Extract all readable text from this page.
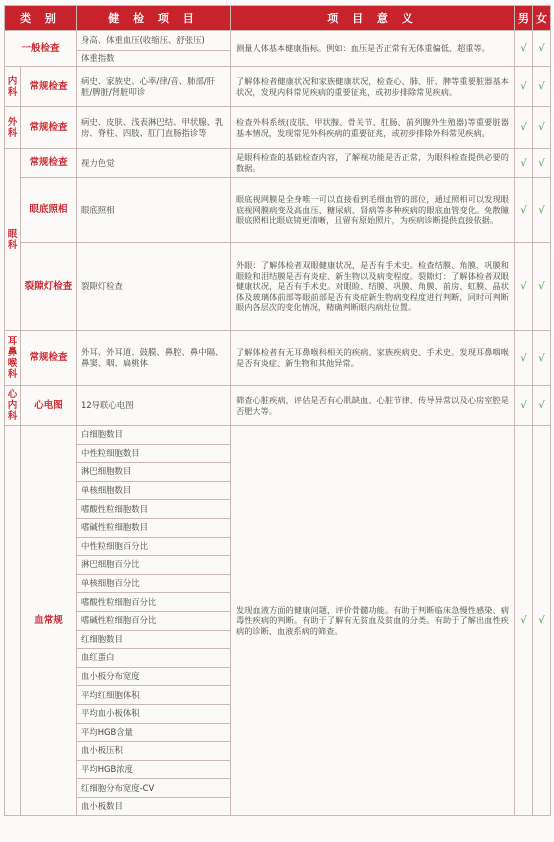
类 别		健 检 项 目	项 目 意 义	男	女
一般检查		身高、体重血压(收缩压、舒张压)	测量人体基本健康指标。例如：血压是否正常有无体重偏低、超重等。	√	√
		体重指数			
内科	常规检查	病史、家族史、心率/律/音、肺部/肝脏/脾脏/肾脏叩诊	了解体检者健康状况和家族健康状况，检查心、肺、肝、脾等重要脏器基本状况，发现内科常见疾病的重要征兆，或初步排除常见疾病。	√	√
外科	常规检查	病史、皮肤、浅表淋巴结、甲状腺、乳房、脊柱、四肢、肛门直肠指诊等	检查外科系统(皮肤、甲状腺、骨关节、肛肠、前列腺外生殖器)等重要脏器基本情况，发现常见外科疾病的重要征兆，或初步排除外科常见疾病。	√	√
眼科	常规检查	视力色觉	是眼科检查的基础检查内容，了解视功能是否正常，为眼科检查提供必要的数据。	√	√
	眼底照相	眼底照相	眼底视网膜是全身唯一可以直接看到毛细血管的部位，通过照相可以发现眼底视网膜病变及高血压、糖尿病、肾病等多种疾病的眼底血管变化。免散瞳眼底照相比眼底镜更清晰，且留有原始照片，为疾病诊断提供直接依据。	√	√
	裂隙灯检查	裂隙灯检查	外眼：了解体检者双眼健康状况，是否有手术史。检查结膜、角膜、巩膜和眼睑和泪结膜是否有炎症、新生物以及病变程度。裂隙灯：了解体检者双眼健康状况，是否有手术史。对眼睑、结膜、巩膜、角膜、前房、虹膜、晶状体及玻璃体前部等眼前部是否有炎症新生物病变程度进行判断，同时可判断眼内各层次的变化情况，精确判断眼内病灶位置。	√	√
耳鼻喉科	常规检查	外耳、外耳道、鼓膜、鼻腔、鼻中隔、鼻窦、咽、扁桃体	了解体检者有无耳鼻喉科相关的疾病、家族疾病史、手术史。发现耳鼻咽喉是否有炎症、新生物和其他异常。	√	√
心内科	心电图	12导联心电图	筛查心脏疾病，评估是否有心肌缺血、心脏节律、传导异常以及心房室腔是否肥大等。	√	√
	血常规	白细胞数目	发现血液方面的健康问题，评价骨髓功能。有助于判断临床急慢性感染、病毒性疾病的判断。有助于了解有无贫血及贫血的分类。有助于了解出血性疾病的诊断、血液系病的筛查。	√	√
		中性粒细胞数目			
		淋巴细胞数目			
		单核细胞数目			
		嗜酸性粒细胞数目			
		嗜碱性粒细胞数目			
		中性粒细胞百分比			
		淋巴细胞百分比			
		单核细胞百分比			
		嗜酸性粒细胞百分比			
		嗜碱性粒细胞百分比			
		红细胞数目			
		血红蛋白			
		血小板分布宽度			
		平均红细胞体积			
		平均血小板体积			
		平均HGB含量			
		血小板压积			
		平均HGB浓度			
		红细胞分布宽度-CV			
		血小板数目			
